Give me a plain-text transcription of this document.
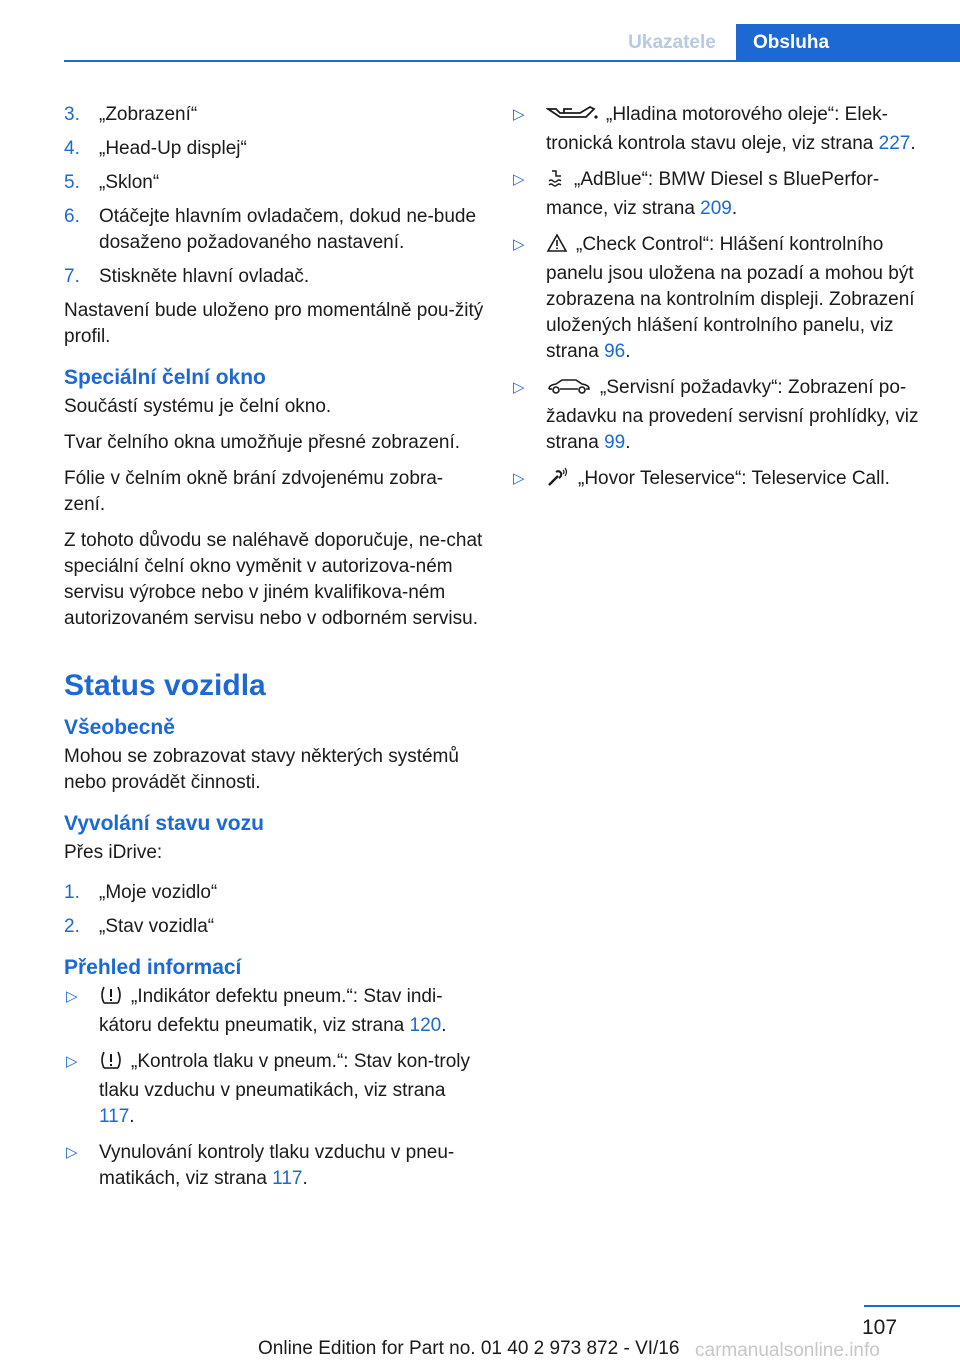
Ukazatele	Obsluha
3. „Zobrazení“
4. „Head-Up displej“
5. „Sklon“
6. Otáčejte hlavním ovladačem, dokud ne-bude dosaženo požadovaného nastavení.
7. Stiskněte hlavní ovladač.

Nastavení bude uloženo pro momentálně pou-žitý profil.

Speciální čelní okno

Součástí systému je čelní okno.

Tvar čelního okna umožňuje přesné zobrazení.

Fólie v čelním okně brání zdvojenému zobra-zení.

Z tohoto důvodu se naléhavě doporučuje, ne-chat speciální čelní okno vyměnit v autorizova-ném servisu výrobce nebo v jiném kvalifikova-ném autorizovaném servisu nebo v odborném servisu.

Status vozidla
Všeobecně

Mohou se zobrazovat stavy některých systémů nebo provádět činnosti.

Vyvolání stavu vozu

Přes iDrive:

1. „Moje vozidlo“
2. „Stav vozidla“
Přehled informací
▷	„Indikátor defektu pneum.“: Stav indi-kátoru defektu pneumatik, viz strana 120.
▷	„Kontrola tlaku v pneum.“: Stav kon-troly tlaku vzduchu v pneumatikách, viz strana 117.
▷ Vynulování kontroly tlaku vzduchu v pneu-matikách, viz strana 117.
▷	„Hladina motorového oleje“: Elek-tronická kontrola stavu oleje, viz strana 227.
▷	„AdBlue“: BMW Diesel s BluePerfor-mance, viz strana 209.
▷	„Check Control“: Hlášení kontrolního panelu jsou uložena na pozadí a mohou být zobrazena na kontrolním displeji. Zobrazení uložených hlášení kontrolního panelu, viz strana 96.
▷	„Servisní požadavky“: Zobrazení po-žadavku na provedení servisní prohlídky, viz strana 99.
▷	„Hovor Teleservice“: Teleservice Call.
107
Online Edition for Part no. 01 40 2 973 872 - VI/16 carmanualsonline.info
